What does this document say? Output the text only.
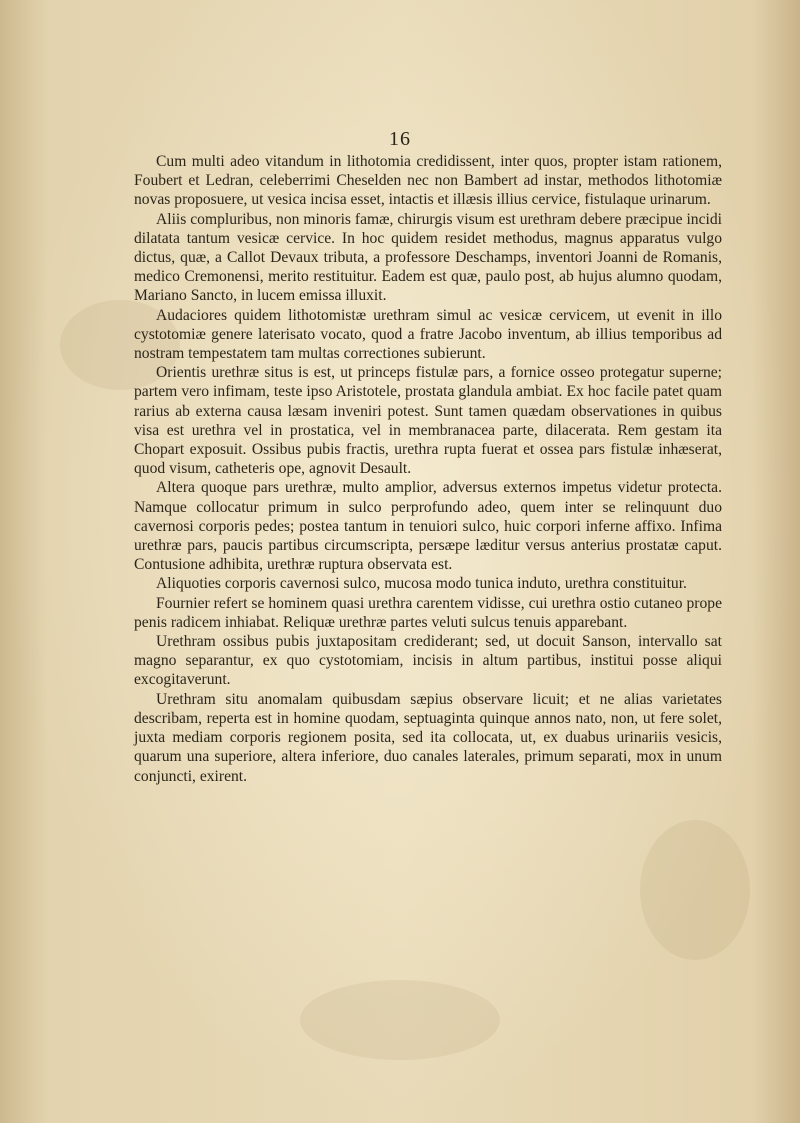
16

Cum multi adeo vitandum in lithotomia credidissent, inter quos, propter istam rationem, Foubert et Ledran, celeberrimi Cheselden nec non Bambert ad instar, methodos lithotomiæ novas proposuere, ut vesica incisa esset, intactis et illæsis illius cervice, fistulaque urinarum.

Aliis compluribus, non minoris famæ, chirurgis visum est urethram debere præcipue incidi dilatata tantum vesicæ cervice. In hoc quidem residet methodus, magnus apparatus vulgo dictus, quæ, a Callot Devaux tributa, a professore Deschamps, inventori Joanni de Romanis, medico Cremonensi, merito restituitur. Eadem est quæ, paulo post, ab hujus alumno quodam, Mariano Sancto, in lucem emissa illuxit.

Audaciores quidem lithotomistæ urethram simul ac vesicæ cervicem, ut evenit in illo cystotomiæ genere laterisato vocato, quod a fratre Jacobo inventum, ab illius temporibus ad nostram tempestatem tam multas correctiones subierunt.

Orientis urethræ situs is est, ut princeps fistulæ pars, a fornice osseo protegatur superne; partem vero infimam, teste ipso Aristotele, prostata glandula ambiat. Ex hoc facile patet quam rarius ab externa causa læsam inveniri potest. Sunt tamen quædam observationes in quibus visa est urethra vel in prostatica, vel in membranacea parte, dilacerata. Rem gestam ita Chopart exposuit. Ossibus pubis fractis, urethra rupta fuerat et ossea pars fistulæ inhæserat, quod visum, catheteris ope, agnovit Desault.

Altera quoque pars urethræ, multo amplior, adversus externos impetus videtur protecta. Namque collocatur primum in sulco perprofundo adeo, quem inter se relinquunt duo cavernosi corporis pedes; postea tantum in tenuiori sulco, huic corpori inferne affixo. Infima urethræ pars, paucis partibus circumscripta, persæpe læditur versus anterius prostatæ caput. Contusione adhibita, urethræ ruptura observata est.

Aliquoties corporis cavernosi sulco, mucosa modo tunica induto, urethra constituitur.

Fournier refert se hominem quasi urethra carentem vidisse, cui urethra ostio cutaneo prope penis radicem inhiabat. Reliquæ urethræ partes veluti sulcus tenuis apparebant.

Urethram ossibus pubis juxtapositam crediderant; sed, ut docuit Sanson, intervallo sat magno separantur, ex quo cystotomiam, incisis in altum partibus, institui posse aliqui excogitaverunt.

Urethram situ anomalam quibusdam sæpius observare licuit; et ne alias varietates describam, reperta est in homine quodam, septuaginta quinque annos nato, non, ut fere solet, juxta mediam corporis regionem posita, sed ita collocata, ut, ex duabus urinariis vesicis, quarum una superiore, altera inferiore, duo canales laterales, primum separati, mox in unum conjuncti, exirent.
